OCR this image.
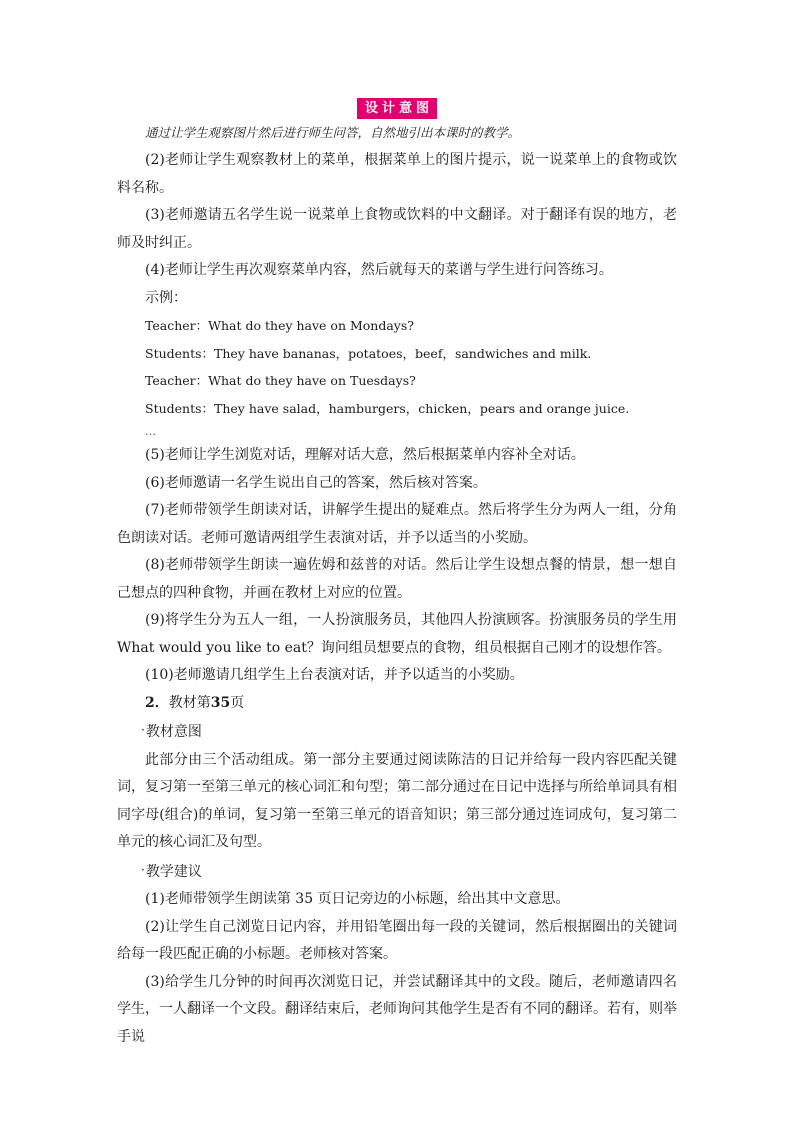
设计意图
通过让学生观察图片然后进行师生问答，自然地引出本课时的教学。

(2)老师让学生观察教材上的菜单，根据菜单上的图片提示，说一说菜单上的食物或饮料名称。

(3)老师邀请五名学生说一说菜单上食物或饮料的中文翻译。对于翻译有误的地方，老师及时纠正。

(4)老师让学生再次观察菜单内容，然后就每天的菜谱与学生进行问答练习。

示例：

Teacher：What do they have on Mondays?

Students：They have bananas，potatoes，beef，sandwiches and milk.

Teacher：What do they have on Tuesdays?

Students：They have salad，hamburgers，chicken，pears and orange juice.

…

(5)老师让学生浏览对话，理解对话大意，然后根据菜单内容补全对话。

(6)老师邀请一名学生说出自己的答案，然后核对答案。

(7)老师带领学生朗读对话，讲解学生提出的疑难点。然后将学生分为两人一组，分角色朗读对话。老师可邀请两组学生表演对话，并予以适当的小奖励。

(8)老师带领学生朗读一遍佐姆和兹普的对话。然后让学生设想点餐的情景，想一想自己想点的四种食物，并画在教材上对应的位置。

(9)将学生分为五人一组，一人扮演服务员，其他四人扮演顾客。扮演服务员的学生用What would you like to eat？询问组员想要点的食物，组员根据自己刚才的设想作答。

(10)老师邀请几组学生上台表演对话，并予以适当的小奖励。

2．教材第35页

·教材意图

此部分由三个活动组成。第一部分主要通过阅读陈洁的日记并给每一段内容匹配关键词，复习第一至第三单元的核心词汇和句型；第二部分通过在日记中选择与所给单词具有相同字母(组合)的单词，复习第一至第三单元的语音知识；第三部分通过连词成句，复习第二单元的核心词汇及句型。

·教学建议

(1)老师带领学生朗读第 35 页日记旁边的小标题，给出其中文意思。

(2)让学生自己浏览日记内容，并用铅笔圈出每一段的关键词，然后根据圈出的关键词给每一段匹配正确的小标题。老师核对答案。

(3)给学生几分钟的时间再次浏览日记，并尝试翻译其中的文段。随后，老师邀请四名学生，一人翻译一个文段。翻译结束后，老师询问其他学生是否有不同的翻译。若有，则举手说
